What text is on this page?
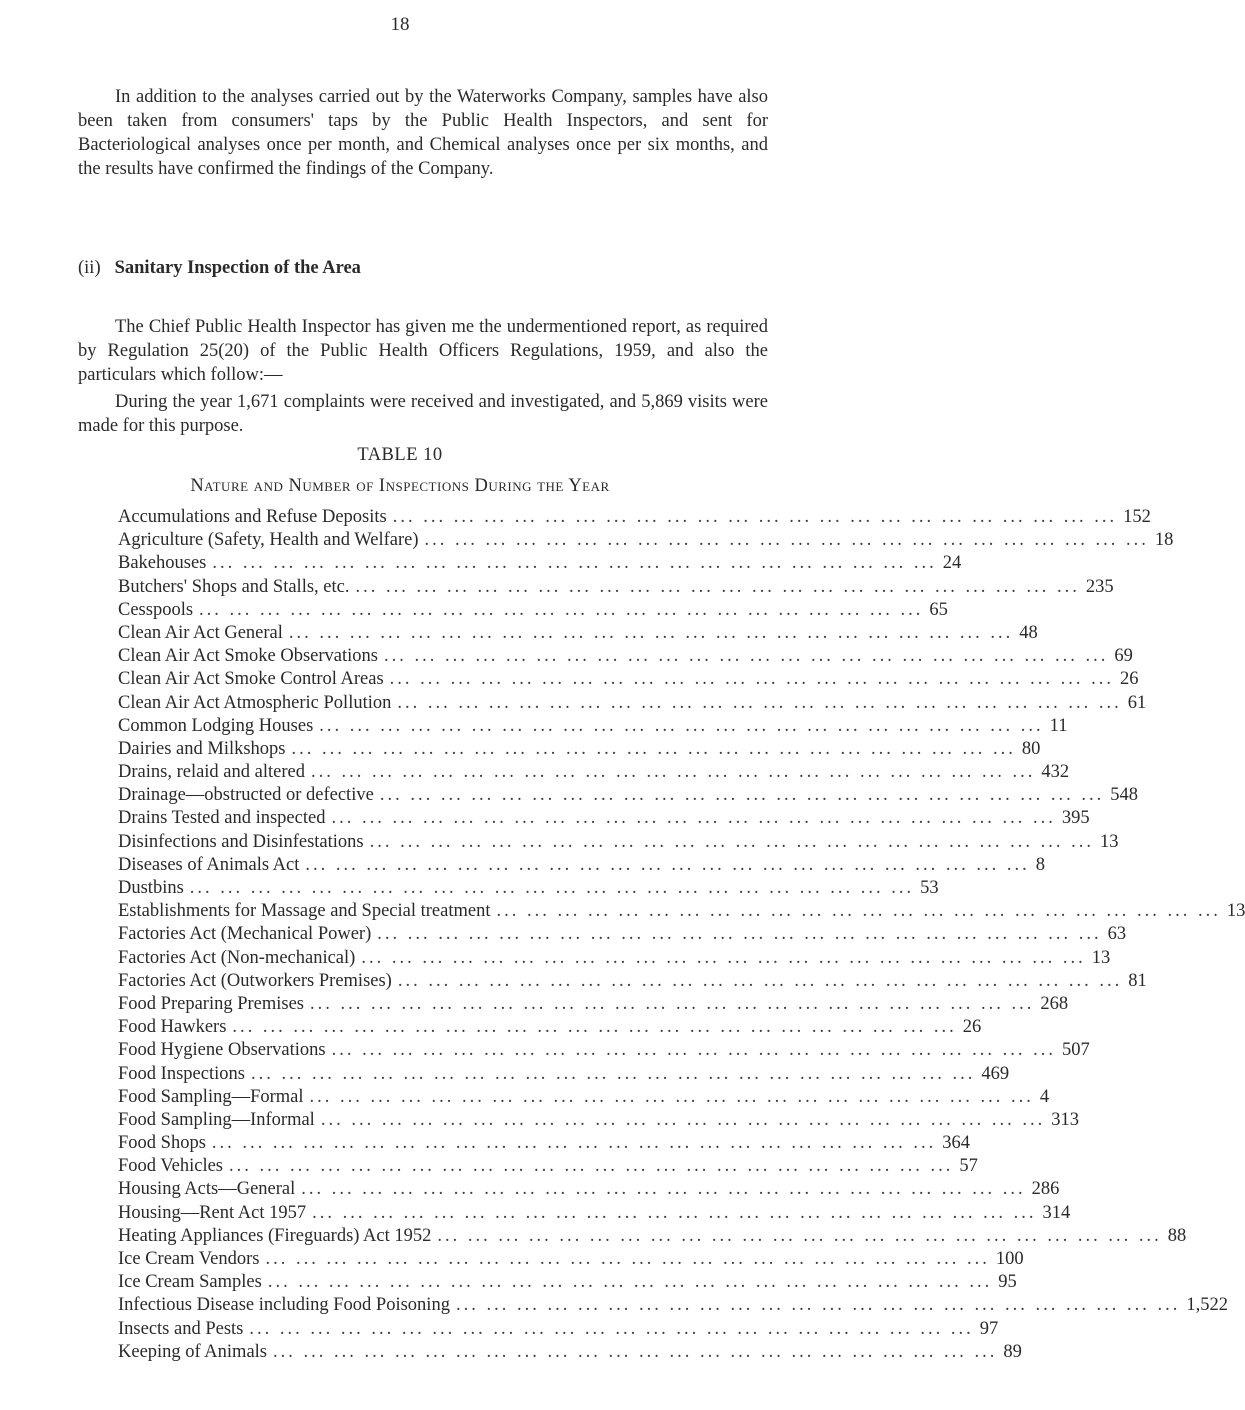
18

In addition to the analyses carried out by the Waterworks Company, samples have also been taken from consumers' taps by the Public Health Inspectors, and sent for Bacteriological analyses once per month, and Chemical analyses once per six months, and the results have confirmed the findings of the Company.

(ii) Sanitary Inspection of the Area

The Chief Public Health Inspector has given me the undermentioned report, as required by Regulation 25(20) of the Public Health Officers Regulations, 1959, and also the particulars which follow:—

During the year 1,671 complaints were received and investigated, and 5,869 visits were made for this purpose.

TABLE 10
Nature and Number of Inspections During the Year
Accumulations and Refuse Deposits ... ... ... ... ... ... ... ... ... ... ... ... ... ... ... ... ... ... ... ... ... ... ... ... 152
Agriculture (Safety, Health and Welfare) ... ... ... ... ... ... ... ... ... ... ... ... ... ... ... ... ... ... ... ... ... ... ... ... 18
Bakehouses ... ... ... ... ... ... ... ... ... ... ... ... ... ... ... ... ... ... ... ... ... ... ... ... 24
Butchers' Shops and Stalls, etc. ... ... ... ... ... ... ... ... ... ... ... ... ... ... ... ... ... ... ... ... ... ... ... ... 235
Cesspools ... ... ... ... ... ... ... ... ... ... ... ... ... ... ... ... ... ... ... ... ... ... ... ... 65
Clean Air Act General ... ... ... ... ... ... ... ... ... ... ... ... ... ... ... ... ... ... ... ... ... ... ... ... 48
Clean Air Act Smoke Observations ... ... ... ... ... ... ... ... ... ... ... ... ... ... ... ... ... ... ... ... ... ... ... ... 69
Clean Air Act Smoke Control Areas ... ... ... ... ... ... ... ... ... ... ... ... ... ... ... ... ... ... ... ... ... ... ... ... 26
Clean Air Act Atmospheric Pollution ... ... ... ... ... ... ... ... ... ... ... ... ... ... ... ... ... ... ... ... ... ... ... ... 61
Common Lodging Houses ... ... ... ... ... ... ... ... ... ... ... ... ... ... ... ... ... ... ... ... ... ... ... ... 11
Dairies and Milkshops ... ... ... ... ... ... ... ... ... ... ... ... ... ... ... ... ... ... ... ... ... ... ... ... 80
Drains, relaid and altered ... ... ... ... ... ... ... ... ... ... ... ... ... ... ... ... ... ... ... ... ... ... ... ... 432
Drainage—obstructed or defective ... ... ... ... ... ... ... ... ... ... ... ... ... ... ... ... ... ... ... ... ... ... ... ... 548
Drains Tested and inspected ... ... ... ... ... ... ... ... ... ... ... ... ... ... ... ... ... ... ... ... ... ... ... ... 395
Disinfections and Disinfestations ... ... ... ... ... ... ... ... ... ... ... ... ... ... ... ... ... ... ... ... ... ... ... ... 13
Diseases of Animals Act ... ... ... ... ... ... ... ... ... ... ... ... ... ... ... ... ... ... ... ... ... ... ... ... 8
Dustbins ... ... ... ... ... ... ... ... ... ... ... ... ... ... ... ... ... ... ... ... ... ... ... ... 53
Establishments for Massage and Special treatment ... ... ... ... ... ... ... ... ... ... ... ... ... ... ... ... ... ... ... ... ... ... ... ... 13
Factories Act (Mechanical Power) ... ... ... ... ... ... ... ... ... ... ... ... ... ... ... ... ... ... ... ... ... ... ... ... 63
Factories Act (Non-mechanical) ... ... ... ... ... ... ... ... ... ... ... ... ... ... ... ... ... ... ... ... ... ... ... ... 13
Factories Act (Outworkers Premises) ... ... ... ... ... ... ... ... ... ... ... ... ... ... ... ... ... ... ... ... ... ... ... ... 81
Food Preparing Premises ... ... ... ... ... ... ... ... ... ... ... ... ... ... ... ... ... ... ... ... ... ... ... ... 268
Food Hawkers ... ... ... ... ... ... ... ... ... ... ... ... ... ... ... ... ... ... ... ... ... ... ... ... 26
Food Hygiene Observations ... ... ... ... ... ... ... ... ... ... ... ... ... ... ... ... ... ... ... ... ... ... ... ... 507
Food Inspections ... ... ... ... ... ... ... ... ... ... ... ... ... ... ... ... ... ... ... ... ... ... ... ... 469
Food Sampling—Formal ... ... ... ... ... ... ... ... ... ... ... ... ... ... ... ... ... ... ... ... ... ... ... ... 4
Food Sampling—Informal ... ... ... ... ... ... ... ... ... ... ... ... ... ... ... ... ... ... ... ... ... ... ... ... 313
Food Shops ... ... ... ... ... ... ... ... ... ... ... ... ... ... ... ... ... ... ... ... ... ... ... ... 364
Food Vehicles ... ... ... ... ... ... ... ... ... ... ... ... ... ... ... ... ... ... ... ... ... ... ... ... 57
Housing Acts—General ... ... ... ... ... ... ... ... ... ... ... ... ... ... ... ... ... ... ... ... ... ... ... ... 286
Housing—Rent Act 1957 ... ... ... ... ... ... ... ... ... ... ... ... ... ... ... ... ... ... ... ... ... ... ... ... 314
Heating Appliances (Fireguards) Act 1952 ... ... ... ... ... ... ... ... ... ... ... ... ... ... ... ... ... ... ... ... ... ... ... ... 88
Ice Cream Vendors ... ... ... ... ... ... ... ... ... ... ... ... ... ... ... ... ... ... ... ... ... ... ... ... 100
Ice Cream Samples ... ... ... ... ... ... ... ... ... ... ... ... ... ... ... ... ... ... ... ... ... ... ... ... 95
Infectious Disease including Food Poisoning ... ... ... ... ... ... ... ... ... ... ... ... ... ... ... ... ... ... ... ... ... ... ... ... 1,522
Insects and Pests ... ... ... ... ... ... ... ... ... ... ... ... ... ... ... ... ... ... ... ... ... ... ... ... 97
Keeping of Animals ... ... ... ... ... ... ... ... ... ... ... ... ... ... ... ... ... ... ... ... ... ... ... ... 89
